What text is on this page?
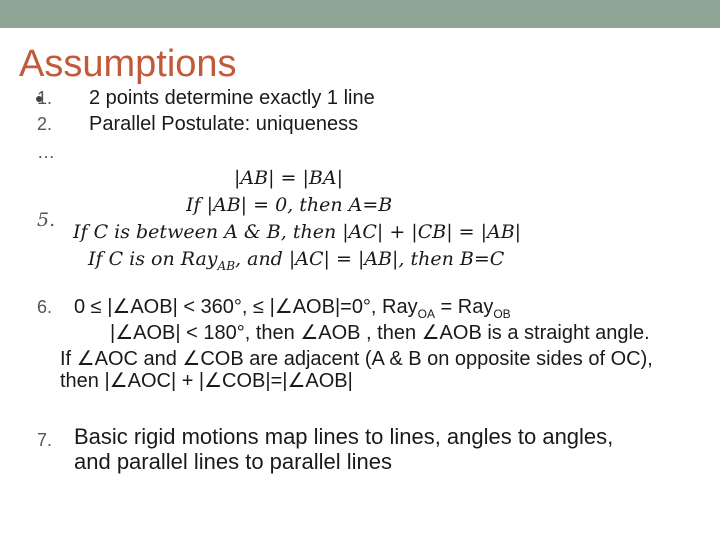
Assumptions
1. 2 points determine exactly 1 line
2. Parallel Postulate: uniqueness
…
5.
|AB| = |BA|
If |AB| = 0, then A=B
If C is between A & B, then |AC| + |CB| = |AB|
If C is on Ray$_{AB}$, and |AC| = |AB|, then B=C
6. 0 ≤ |∠AOB| < 360°, ≤ |∠AOB|=0°, Ray$_{OA}$ = Ray$_{OB}$
|∠AOB| < 180°, then ∠AOB , then ∠AOB is a straight angle.
If ∠AOC and ∠COB are adjacent (A & B on opposite sides of OC),
then |∠AOC| + |∠COB|=|∠AOB|
7. Basic rigid motions map lines to lines, angles to angles,
and parallel lines to parallel lines
